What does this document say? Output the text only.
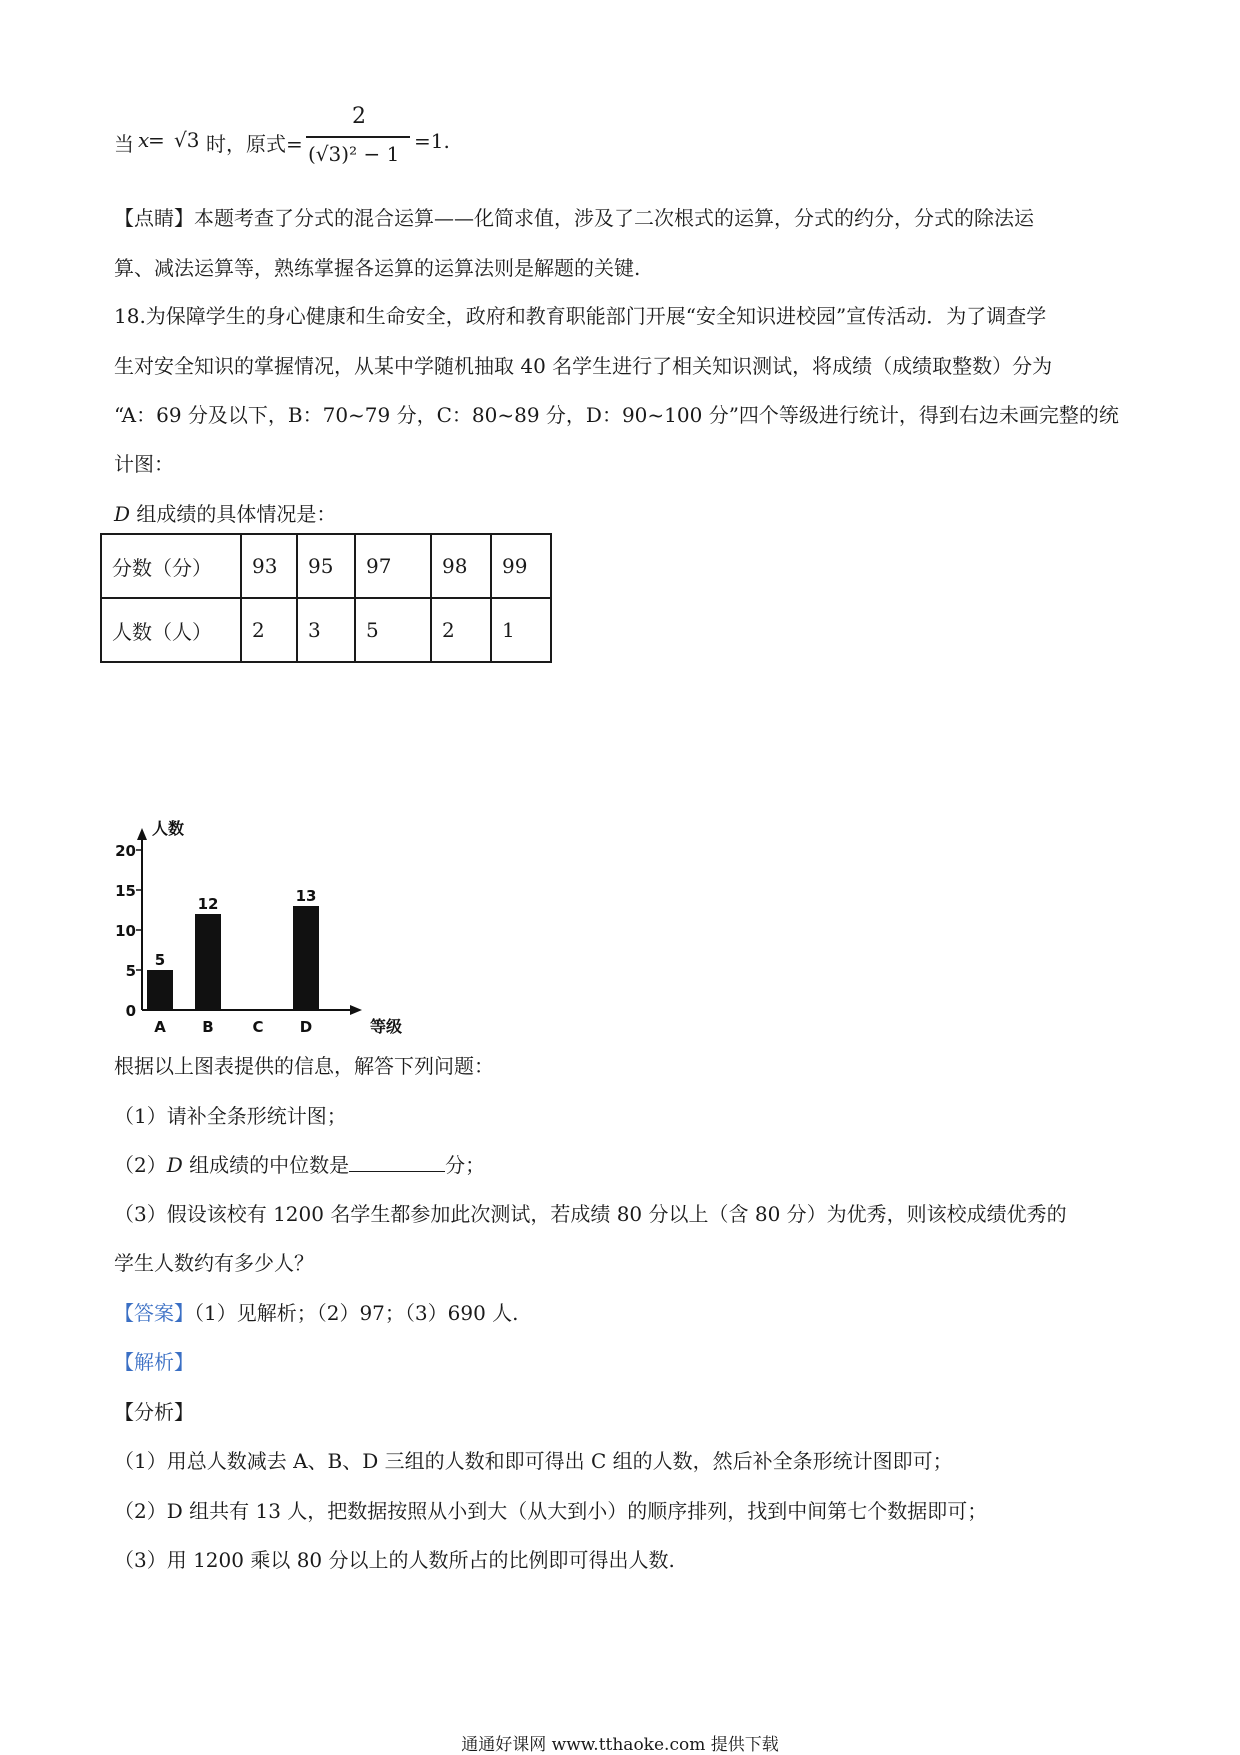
当 x
= √3 时，原式=
2
(√3)² − 1
=1.
【点睛】本题考查了分式的混合运算——化简求值，涉及了二次根式的运算，分式的约分，分式的除法运
算、减法运算等，熟练掌握各运算的运算法则是解题的关键.
18.为保障学生的身心健康和生命安全，政府和教育职能部门开展“安全知识进校园”宣传活动．为了调查学
生对安全知识的掌握情况，从某中学随机抽取 40 名学生进行了相关知识测试，将成绩（成绩取整数）分为
“A：69 分及以下，B：70~79 分，C：80~89 分，D：90~100 分”四个等级进行统计，得到右边未画完整的统
计图：
D 组成绩的具体情况是：
分数（分）	93	95	97	98	99
人数（人）	2	3	5	2	1
人数
等级
0
5
10
15
20
5
A
12
B	C
13
D
根据以上图表提供的信息，解答下列问题：
（1）请补全条形统计图；
（2）D 组成绩的中位数是	分；
（3）假设该校有 1200 名学生都参加此次测试，若成绩 80 分以上（含 80 分）为优秀，则该校成绩优秀的
学生人数约有多少人？
【答案】（1）见解析；（2）97；（3）690 人.
【解析】
【分析】
（1）用总人数减去 A、B、D 三组的人数和即可得出 C 组的人数，然后补全条形统计图即可；
（2）D 组共有 13 人，把数据按照从小到大（从大到小）的顺序排列，找到中间第七个数据即可；
（3）用 1200 乘以 80 分以上的人数所占的比例即可得出人数.
通通好课网 www.tthaoke.com 提供下载
